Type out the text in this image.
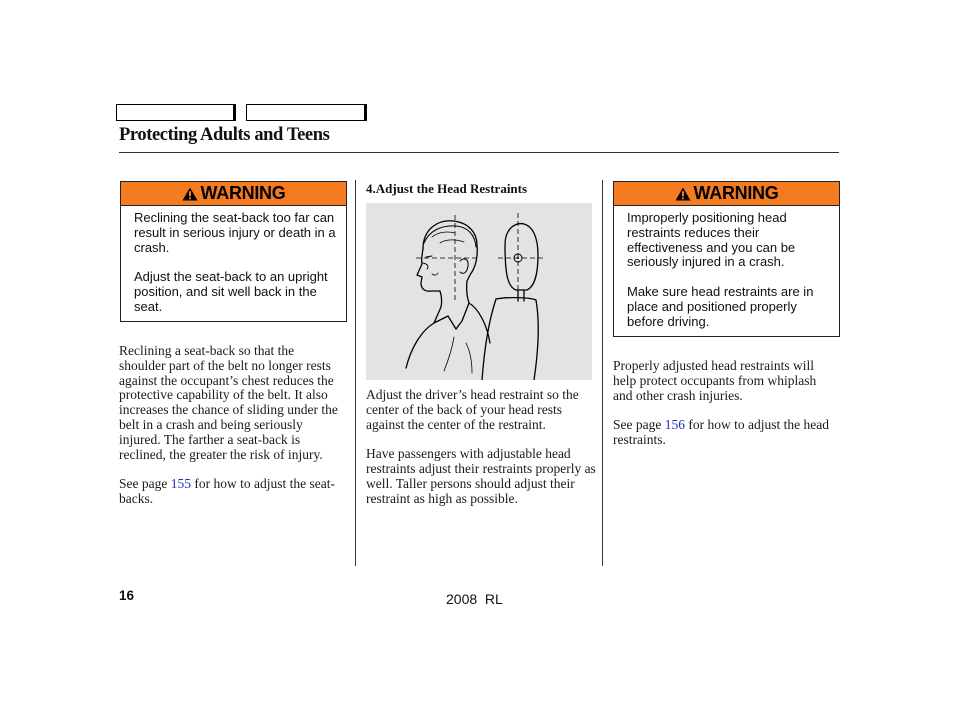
Protecting Adults and Teens
WARNING

Reclining the seat-back too far can result in serious injury or death in a crash.

Adjust the seat-back to an upright position, and sit well back in the seat.

Reclining a seat-back so that the shoulder part of the belt no longer rests against the occupant’s chest reduces the protective capability of the belt. It also increases the chance of sliding under the belt in a crash and being seriously injured. The farther a seat-back is reclined, the greater the risk of injury.

See page 155 for how to adjust the seat-backs.

4.Adjust the Head Restraints

Adjust the driver’s head restraint so the center of the back of your head rests against the center of the restraint.

Have passengers with adjustable head restraints adjust their restraints properly as well. Taller persons should adjust their restraint as high as possible.

WARNING

Improperly positioning head restraints reduces their effectiveness and you can be seriously injured in a crash.

Make sure head restraints are in place and positioned properly before driving.

Properly adjusted head restraints will help protect occupants from whiplash and other crash injuries.

See page 156 for how to adjust the head restraints.

16	2008  RL
